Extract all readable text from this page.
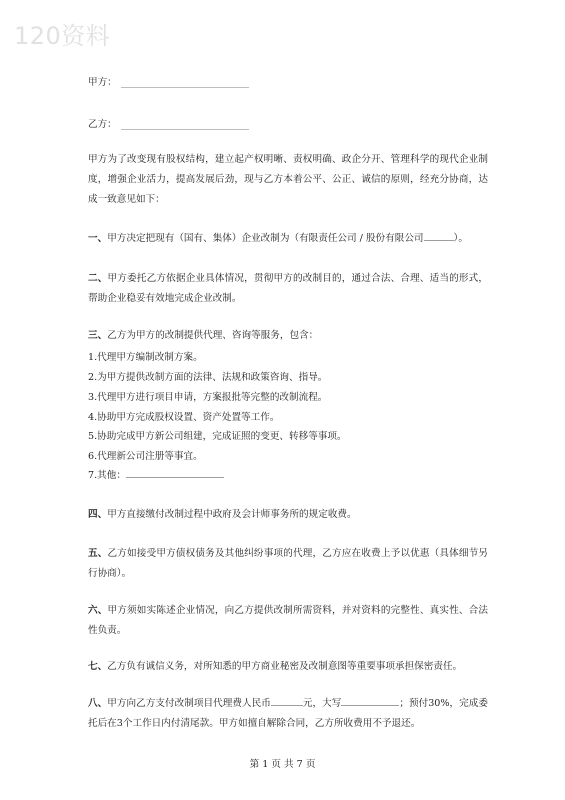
120资料
甲方：
乙方：
甲方为了改变现有股权结构，建立起产权明晰、责权明确、政企分开、管理科学的现代企业制度，增强企业活力，提高发展后劲，现与乙方本着公平、公正、诚信的原则，经充分协商，达成一致意见如下：
一、甲方决定把现有（国有、集体）企业改制为（有限责任公司 / 股份有限公司	）。
二、甲方委托乙方依据企业具体情况，贯彻甲方的改制目的，通过合法、合理、适当的形式，帮助企业稳妥有效地完成企业改制。
三、乙方为甲方的改制提供代理、咨询等服务，包含：
1.代理甲方编制改制方案。
2.为甲方提供改制方面的法律、法规和政策咨询、指导。
3.代理甲方进行项目申请，方案报批等完整的改制流程。
4.协助甲方完成股权设置、资产处置等工作。
5.协助完成甲方新公司组建，完成证照的变更、转移等事项。
6.代理新公司注册等事宜。
7.其他：
四、甲方直接缴付改制过程中政府及会计师事务所的规定收费。
五、乙方如接受甲方债权债务及其他纠纷事项的代理，乙方应在收费上予以优惠（具体细节另行协商）。
六、甲方须如实陈述企业情况，向乙方提供改制所需资料，并对资料的完整性、真实性、合法性负责。
七、乙方负有诚信义务，对所知悉的甲方商业秘密及改制意图等重要事项承担保密责任。
八、甲方向乙方支付改制项目代理费人民币	元，大写	；预付30%，完成委托后在3个工作日内付清尾款。甲方如擅自解除合同，乙方所收费用不予退还。
第 1 页 共 7 页
